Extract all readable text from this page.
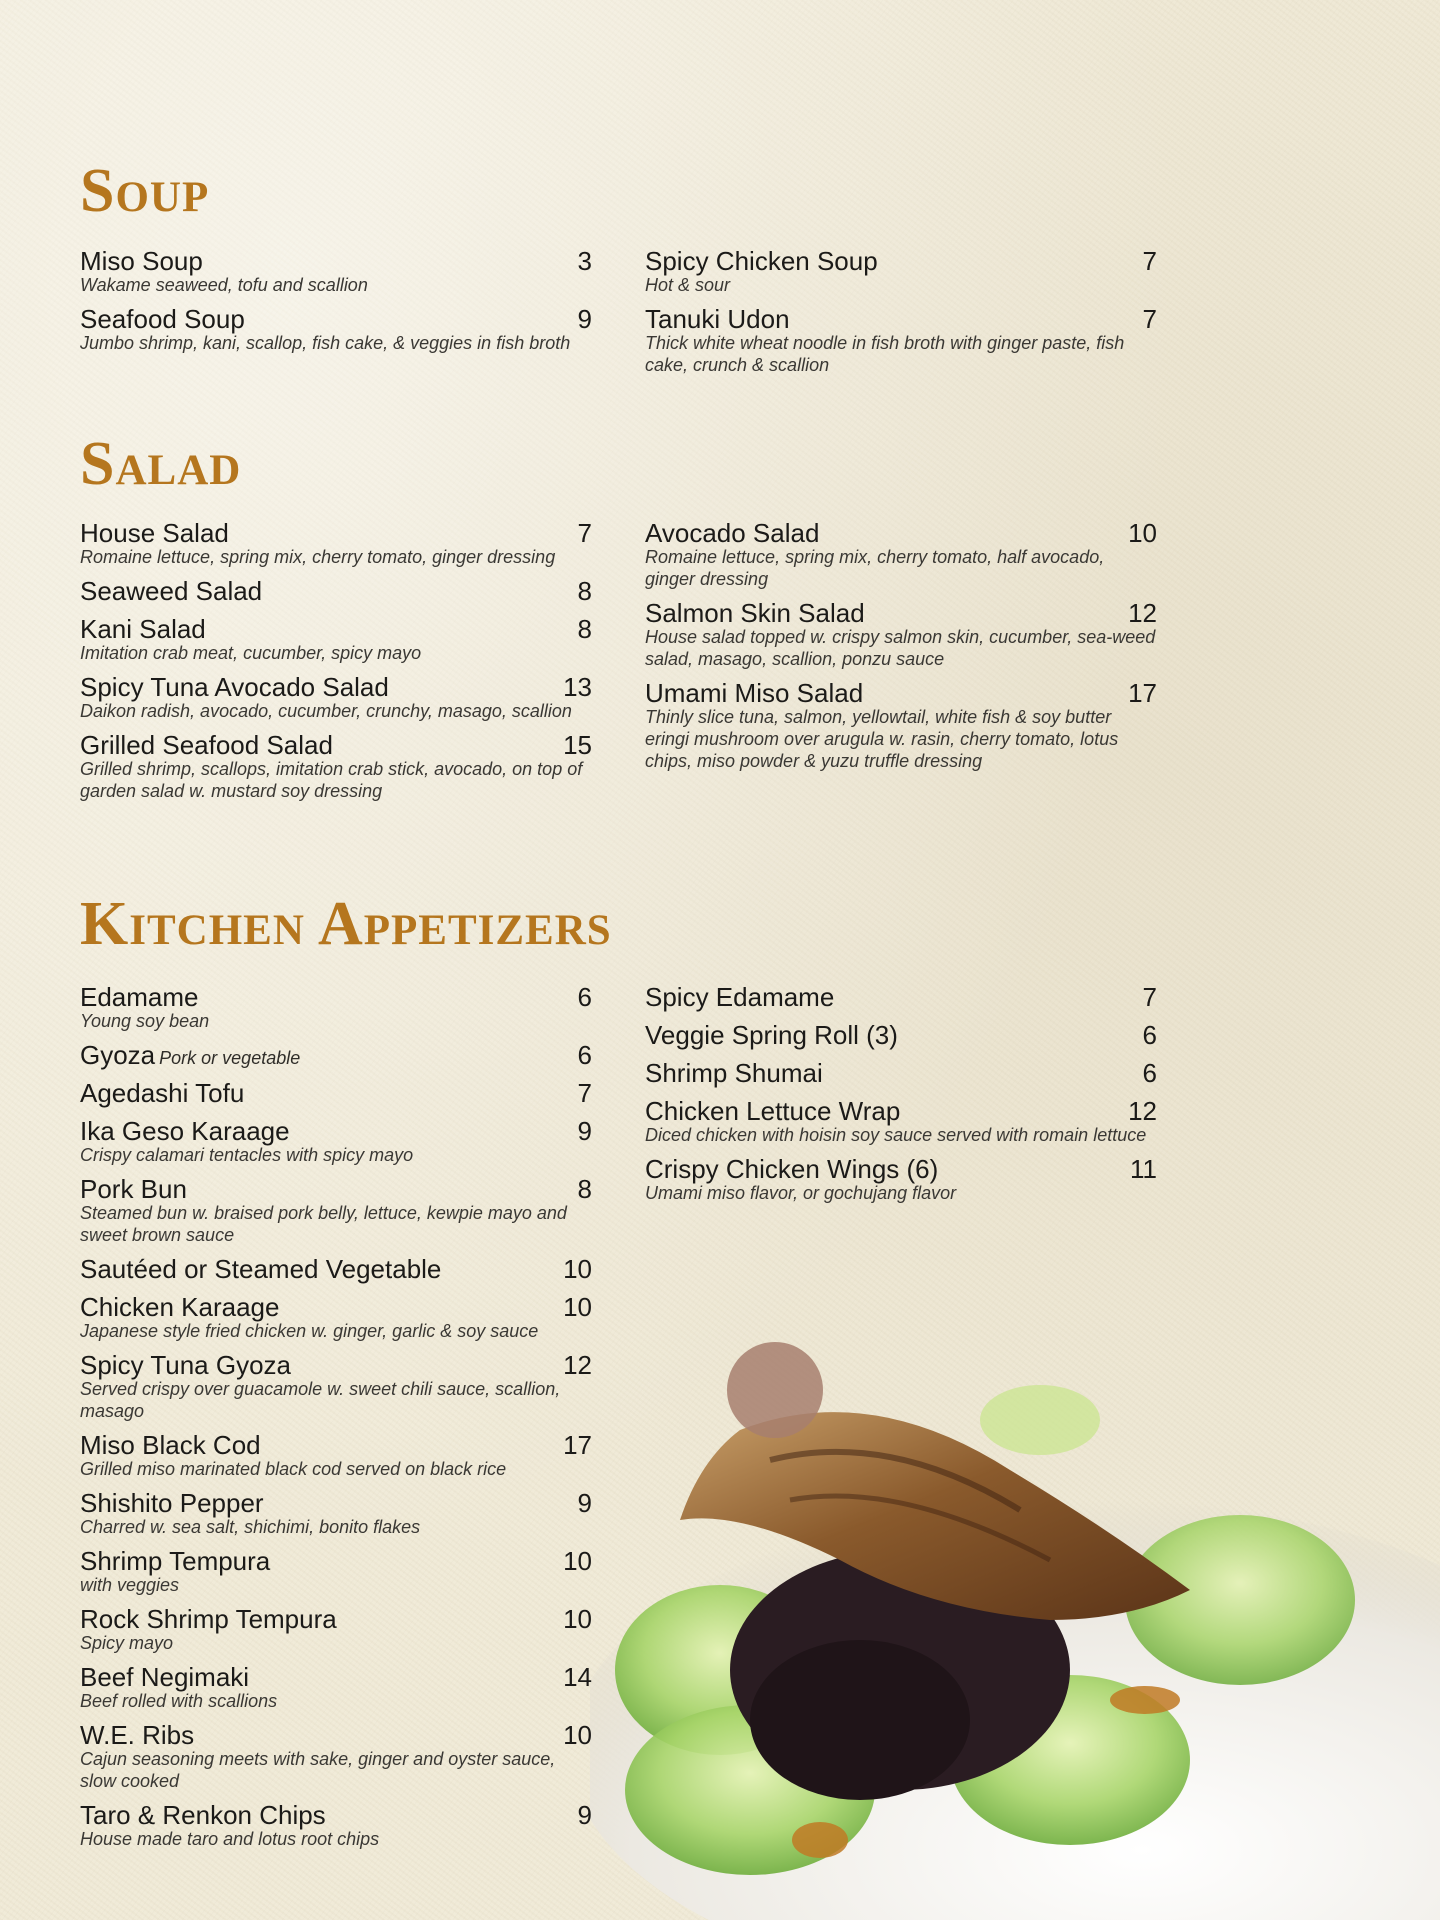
Soup
Miso Soup	3
Wakame seaweed, tofu and scallion
Seafood Soup	9
Jumbo shrimp, kani, scallop, fish cake, & veggies in fish broth
Spicy Chicken Soup	7
Hot & sour
Tanuki Udon	7
Thick white wheat noodle in fish broth with ginger paste, fish cake, crunch & scallion
Salad
House Salad	7
Romaine lettuce, spring mix, cherry tomato, ginger dressing
Seaweed Salad	8
Kani Salad	8
Imitation crab meat, cucumber, spicy mayo
Spicy Tuna Avocado Salad	13
Daikon radish, avocado, cucumber, crunchy, masago, scallion
Grilled Seafood Salad	15
Grilled shrimp, scallops, imitation crab stick, avocado, on top of garden salad w. mustard soy dressing
Avocado Salad	10
Romaine lettuce, spring mix, cherry tomato, half avocado, ginger dressing
Salmon Skin Salad	12
House salad topped w. crispy salmon skin, cucumber, sea-weed salad, masago, scallion, ponzu sauce
Umami Miso Salad	17
Thinly slice tuna, salmon, yellowtail, white fish & soy butter eringi mushroom over arugula w. rasin, cherry tomato, lotus chips, miso powder & yuzu truffle dressing
Kitchen Appetizers
Edamame	6
Young soy bean
Gyoza Pork or vegetable	6
Agedashi Tofu	7
Ika Geso Karaage	9
Crispy calamari tentacles with spicy mayo
Pork Bun	8
Steamed bun w. braised pork belly, lettuce, kewpie mayo and sweet brown sauce
Sautéed or Steamed Vegetable	10
Chicken Karaage	10
Japanese style fried chicken w. ginger, garlic & soy sauce
Spicy Tuna Gyoza	12
Served crispy over guacamole w. sweet chili sauce, scallion, masago
Miso Black Cod	17
Grilled miso marinated black cod served on black rice
Shishito Pepper	9
Charred w. sea salt, shichimi, bonito flakes
Shrimp Tempura	10
with veggies
Rock Shrimp Tempura	10
Spicy mayo
Beef Negimaki	14
Beef rolled with scallions
W.E. Ribs	10
Cajun seasoning meets with sake, ginger and oyster sauce, slow cooked
Taro & Renkon Chips	9
House made taro and lotus root chips
Spicy Edamame	7
Veggie Spring Roll (3)	6
Shrimp Shumai	6
Chicken Lettuce Wrap	12
Diced chicken with hoisin soy sauce served with romain lettuce
Crispy Chicken Wings (6)	11
Umami miso flavor, or gochujang flavor
